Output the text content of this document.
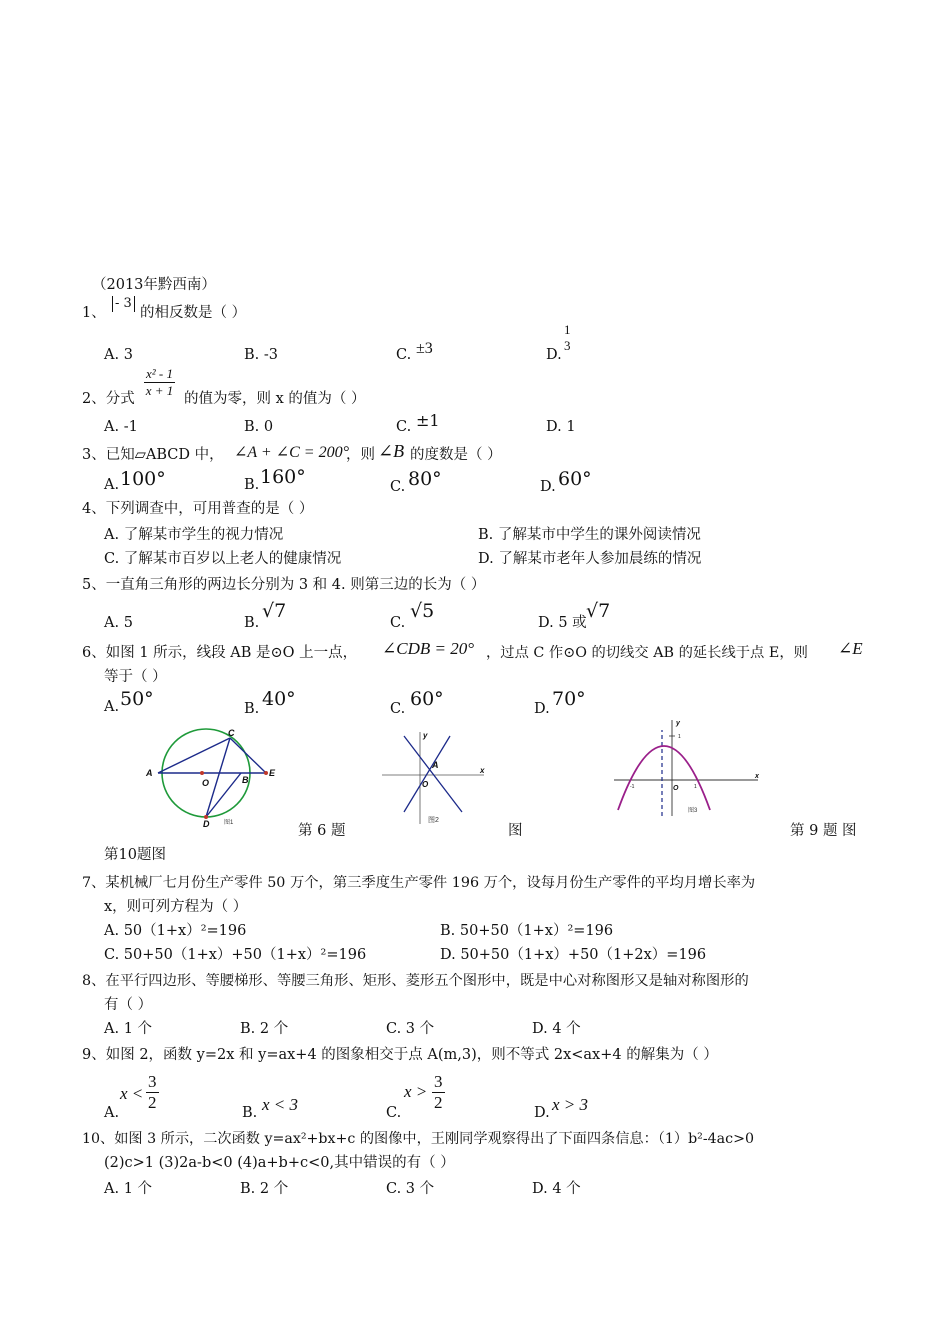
（2013年黔西南）
1、
- 3
的相反数是（ ）
A. 3	B. -3	C. ±3	D.
1
3
2、分式 $\frac{\text{x² - 1}}{x + 1}$ 的值为零，则 x 的值为（ ）
A. -1	B. 0	C. ±1	D. 1
3、已知▱ABCD 中， ∠A + ∠C = 200°
，则 ∠B 的度数是（ ）
A. 100°	B. 160°	C. 80°	D. 60°
4、下列调查中，可用普查的是（ ）
A. 了解某市学生的视力情况	B. 了解某市中学生的课外阅读情况
C. 了解某市百岁以上老人的健康情况	D. 了解某市老年人参加晨练的情况
5、一直角三角形的两边长分别为 3 和 4. 则第三边的长为（ ）
A. 5	B.
√7
C.
√5
D. 5 或
√7
6、如图 1 所示，线段 AB 是⊙O 上一点， ∠CDB = 20° ，过点 C 作⊙O 的切线交 AB 的延长线于点 E，则 ∠E
等于（ ）
A. 50°	B. 40°	C. 60°	D. 70°
A
O	B
E
C
D 图1
y
A
O
x
图2
y
1
-1	O	1
x
图3
第 6 题	图	第 9 题 图
第10题图
7、某机械厂七月份生产零件 50 万个，第三季度生产零件 196 万个，设每月份生产零件的平均月增长率为
x，则可列方程为（ ）
A. 50（1+x）²=196	B. 50+50（1+x）²=196
C. 50+50（1+x）+50（1+x）²=196	D. 50+50（1+x）+50（1+2x）=196
8、在平行四边形、等腰梯形、等腰三角形、矩形、菱形五个图形中，既是中心对称图形又是轴对称图形的
有（ ）
A. 1 个	B. 2 个	C. 3 个	D. 4 个
9、如图 2，函数 y=2x 和 y=ax+4 的图象相交于点 A(m,3)，则不等式 2x<ax+4 的解集为（ ）
A.
$x < \frac{3}{2}$	B. x < 3	C.
$x > \frac{3}{2}$	D. x > 3
10、如图 3 所示，二次函数 y=ax²+bx+c 的图像中，王刚同学观察得出了下面四条信息：（1）b²-4ac>0
(2)c>1 (3)2a-b<0 (4)a+b+c<0,其中错误的有（ ）
A. 1 个	B. 2 个	C. 3 个	D. 4 个
